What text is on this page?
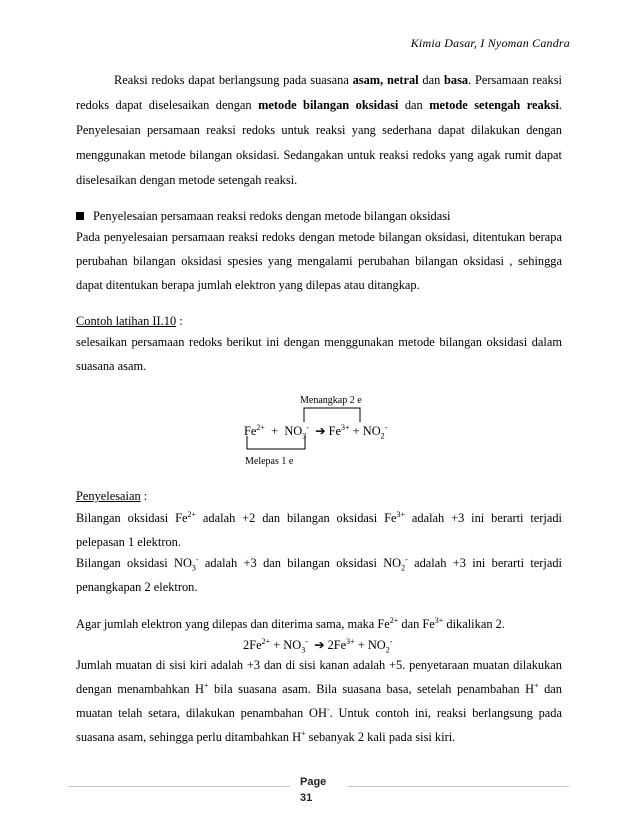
Kimia Dasar, I Nyoman Candra
Reaksi redoks dapat berlangsung pada suasana asam, netral dan basa. Persamaan reaksi
redoks dapat diselesaikan dengan metode bilangan oksidasi dan metode setengah reaksi.
Penyelesaian persamaan reaksi redoks untuk reaksi yang sederhana dapat dilakukan dengan
menggunakan metode bilangan oksidasi. Sedangakan untuk reaksi redoks yang agak rumit dapat
diselesaikan dengan metode setengah reaksi.
Penyelesaian persamaan reaksi redoks dengan metode bilangan oksidasi
Pada penyelesaian persamaan reaksi redoks dengan metode bilangan oksidasi, ditentukan berapa
perubahan bilangan oksidasi spesies yang mengalami perubahan bilangan oksidasi , sehingga
dapat ditentukan berapa jumlah elektron yang dilepas atau ditangkap.
Contoh latihan II.10 :
selesaikan persamaan redoks berikut ini dengan menggunakan metode bilangan oksidasi dalam
suasana asam.
Menangkap 2 e
$Fe^{2+} + NO_3^-$ ➔ $Fe^{3+} + NO_2^-$
Melepas 1 e
Penyelesaian :
Bilangan oksidasi $Fe^{2+}$ adalah +2 dan bilangan oksidasi $Fe^{3+}$ adalah +3 ini berarti terjadi
pelepasan 1 elektron.
Bilangan oksidasi $NO_3^-$ adalah +3 dan bilangan oksidasi $NO_2^-$ adalah +3 ini berarti terjadi
penangkapan 2 elektron.
Agar jumlah elektron yang dilepas dan diterima sama, maka $Fe^{2+}$ dan $Fe^{3+}$ dikalikan 2.
$2Fe^{2+} + NO_3^-$ ➔ $2Fe^{3+} + NO_2^-$
Jumlah muatan di sisi kiri adalah +3 dan di sisi kanan adalah +5. penyetaraan muatan dilakukan
dengan menambahkan H+ bila suasana asam. Bila suasana basa, setelah penambahan H+ dan
muatan telah setara, dilakukan penambahan OH-. Untuk contoh ini, reaksi berlangsung pada
suasana asam, sehingga perlu ditambahkan H+ sebanyak 2 kali pada sisi kiri.
Page
31
